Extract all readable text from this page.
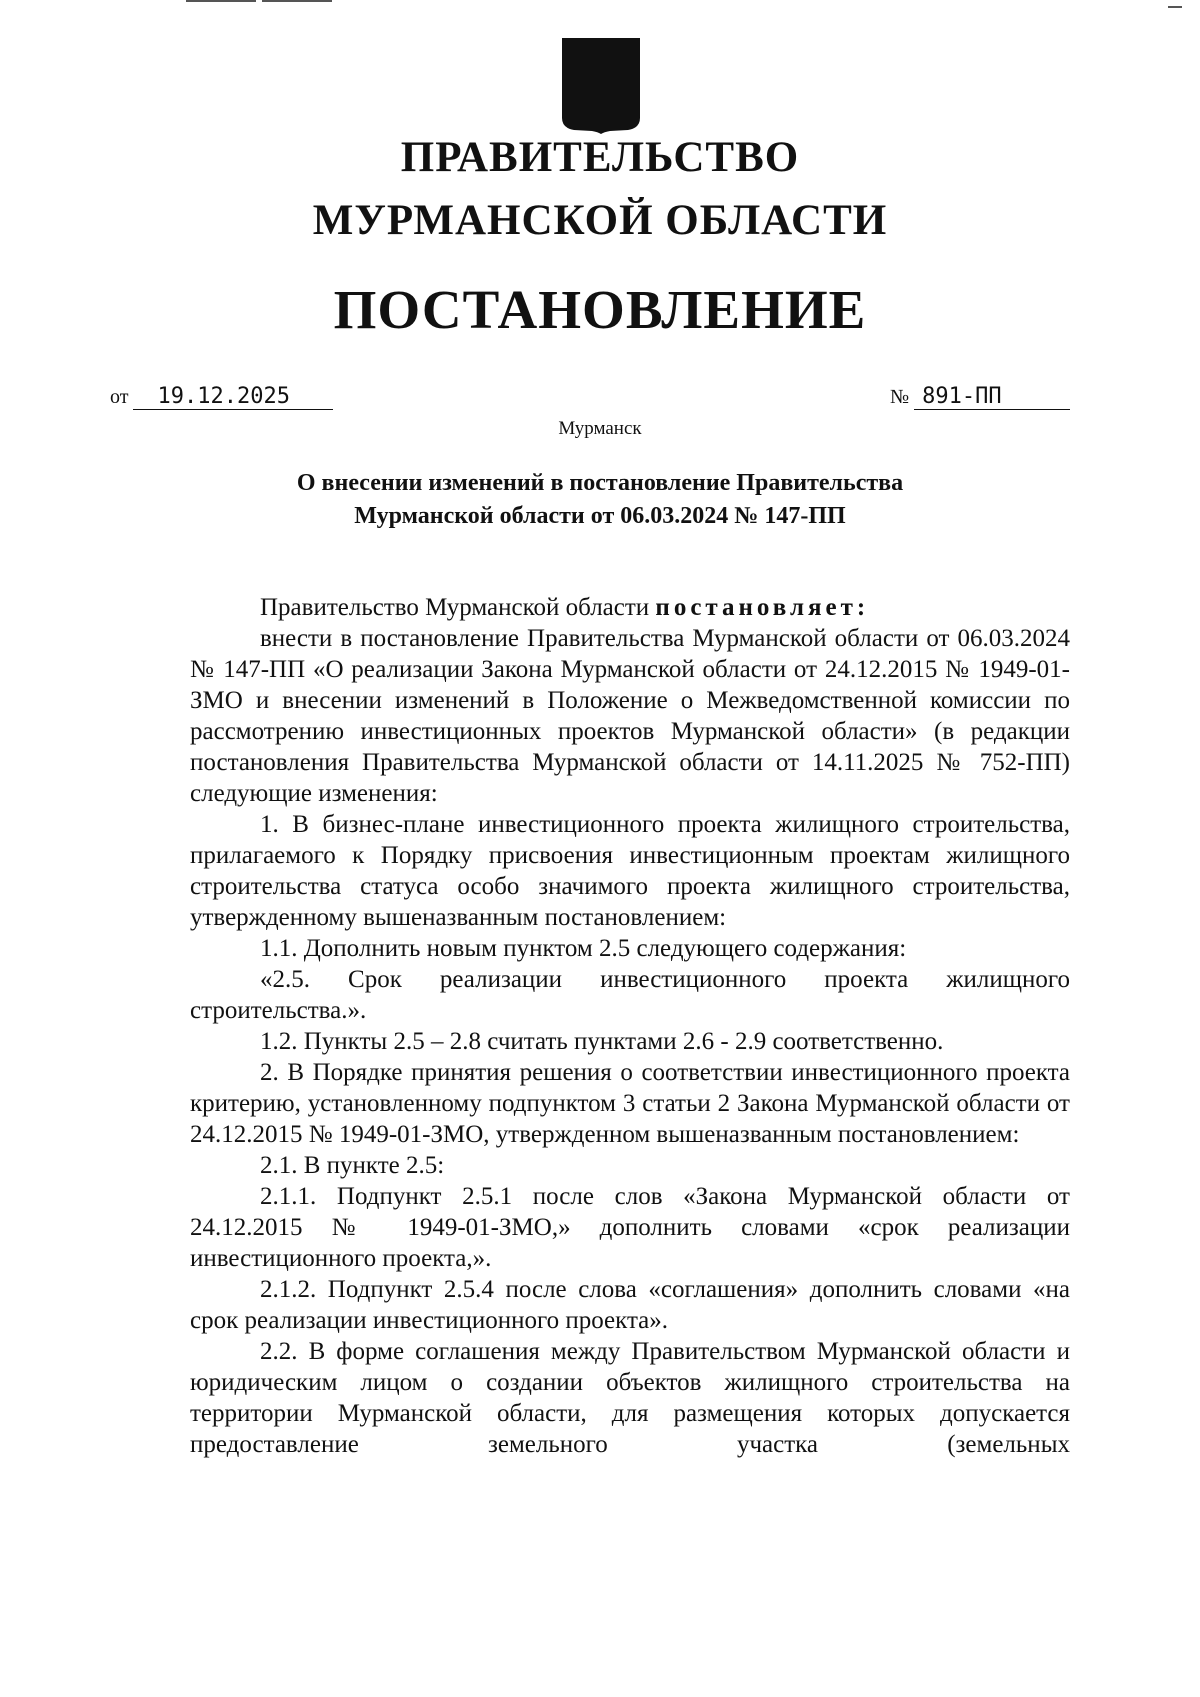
ПРАВИТЕЛЬСТВО
МУРМАНСКОЙ ОБЛАСТИ
ПОСТАНОВЛЕНИЕ
от 19.12.2025	№ 891-ПП
Мурманск
О внесении изменений в постановление Правительства
Мурманской области от 06.03.2024 № 147-ПП

Правительство Мурманской области постановляет:

внести в постановление Правительства Мурманской области от 06.03.2024 № 147-ПП «О реализации Закона Мурманской области от 24.12.2015 № 1949-01-ЗМО и внесении изменений в Положение о Межведомственной комиссии по рассмотрению инвестиционных проектов Мурманской области» (в редакции постановления Правительства Мурманской области от 14.11.2025 № 752-ПП) следующие изменения:

1. В бизнес-плане инвестиционного проекта жилищного строительства, прилагаемого к Порядку присвоения инвестиционным проектам жилищного строительства статуса особо значимого проекта жилищного строительства, утвержденному вышеназванным постановлением:

1.1. Дополнить новым пунктом 2.5 следующего содержания:

«2.5. Срок реализации инвестиционного проекта жилищного строительства.».

1.2. Пункты 2.5 – 2.8 считать пунктами 2.6 - 2.9 соответственно.

2. В Порядке принятия решения о соответствии инвестиционного проекта критерию, установленному подпунктом 3 статьи 2 Закона Мурманской области от 24.12.2015 № 1949-01-ЗМО, утвержденном вышеназванным постановлением:

2.1. В пункте 2.5:

2.1.1. Подпункт 2.5.1 после слов «Закона Мурманской области от 24.12.2015 № 1949-01-ЗМО,» дополнить словами «срок реализации инвестиционного проекта,».

2.1.2. Подпункт 2.5.4 после слова «соглашения» дополнить словами «на срок реализации инвестиционного проекта».

2.2. В форме соглашения между Правительством Мурманской области и юридическим лицом о создании объектов жилищного строительства на территории Мурманской области, для размещения которых допускается предоставление земельного участка (земельных
